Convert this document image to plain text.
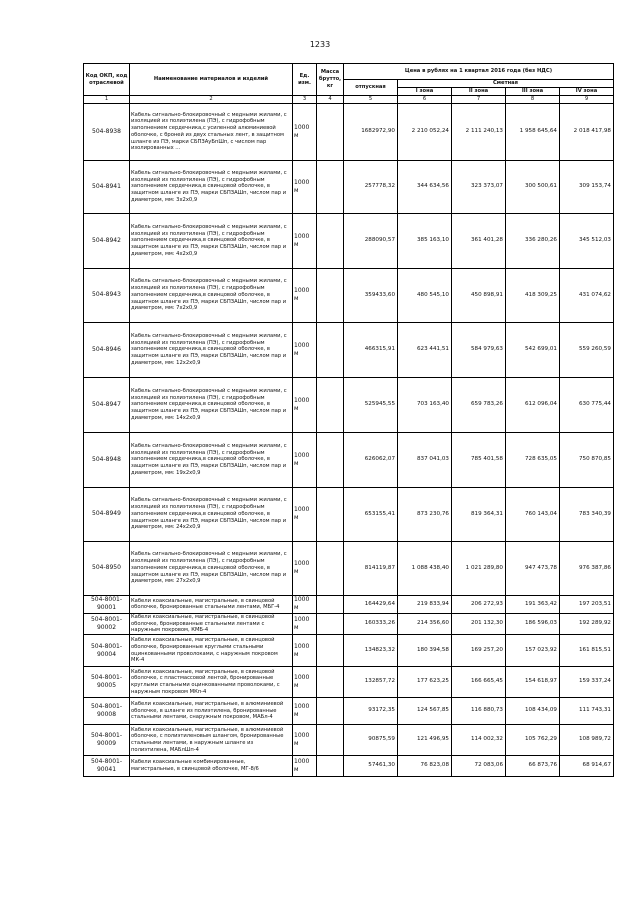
1233
Код ОКП, код отраслевой	Наименование материалов и изделий	Ед. изм.	Масса брутто, кг	Цена в рублях на 1 квартал 2016 года (без НДС)				
				отпускная	Сметная			
					I зона	II зона	III зона	IV зона
1	2	3	4	5	6	7	8	9
504-8938	Кабель сигнально-блокировочный с медными жилами, с изоляцией из полиэтилена (ПЭ), с гидрофобным заполнением сердечника,с усиленной алюминиевой оболочке, с броней из двух стальных лент, в защитном шланге из ПЭ, марки СБПЗАуБпШп, с числом пар изолированных ...	1000 м		1682972,90	2 210 052,24	2 111 240,13	1 958 645,64	2 018 417,98
504-8941	Кабель сигнально-блокировочный с медными жилами, с изоляцией из полиэтилена (ПЭ), с гидрофобным заполнением сердечника,в свинцовой оболочке, в защитном шланге из ПЭ, марки СБПЗАШп, числом пар и диаметром, мм: 3х2х0,9	1000 м		257778,32	344 634,56	323 373,07	300 500,61	309 153,74
504-8942	Кабель сигнально-блокировочный с медными жилами, с изоляцией из полиэтилена (ПЭ), с гидрофобным заполнением сердечника,в свинцовой оболочке, в защитном шланге из ПЭ, марки СБПЗАШп, числом пар и диаметром, мм: 4х2х0,9	1000 м		288090,57	385 163,10	361 401,28	336 280,26	345 512,03
504-8943	Кабель сигнально-блокировочный с медными жилами, с изоляцией из полиэтилена (ПЭ), с гидрофобным заполнением сердечника,в свинцовой оболочке, в защитном шланге из ПЭ, марки СБПЗАШп, числом пар и диаметром, мм: 7х2х0,9	1000 м		359433,60	480 545,10	450 898,91	418 309,25	431 074,62
504-8946	Кабель сигнально-блокировочный с медными жилами, с изоляцией из полиэтилена (ПЭ), с гидрофобным заполнением сердечника,в свинцовой оболочке, в защитном шланге из ПЭ, марки СБПЗАШп, числом пар и диаметром, мм: 12х2х0,9	1000 м		466315,91	623 441,51	584 979,63	542 699,01	559 260,59
504-8947	Кабель сигнально-блокировочный с медными жилами, с изоляцией из полиэтилена (ПЭ), с гидрофобным заполнением сердечника,в свинцовой оболочке, в защитном шланге из ПЭ, марки СБПЗАШп, числом пар и диаметром, мм: 14х2х0,9	1000 м		525945,55	703 163,40	659 783,26	612 096,04	630 775,44
504-8948	Кабель сигнально-блокировочный с медными жилами, с изоляцией из полиэтилена (ПЭ), с гидрофобным заполнением сердечника,в свинцовой оболочке, в защитном шланге из ПЭ, марки СБПЗАШп, числом пар и диаметром, мм: 19х2х0,9	1000 м		626062,07	837 041,03	785 401,58	728 635,05	750 870,85
504-8949	Кабель сигнально-блокировочный с медными жилами, с изоляцией из полиэтилена (ПЭ), с гидрофобным заполнением сердечника,в свинцовой оболочке, в защитном шланге из ПЭ, марки СБПЗАШп, числом пар и диаметром, мм: 24х2х0,9	1000 м		653155,41	873 230,76	819 364,31	760 143,04	783 340,39
504-8950	Кабель сигнально-блокировочный с медными жилами, с изоляцией из полиэтилена (ПЭ), с гидрофобным заполнением сердечника,в свинцовой оболочке, в защитном шланге из ПЭ, марки СБПЗАШп, числом пар и диаметром, мм: 27х2х0,9	1000 м		814119,87	1 088 438,40	1 021 289,80	947 473,78	976 387,86
504-8001-90001	Кабели коаксиальные, магистральные, в свинцовой оболочке, бронированные стальными лентами, МБГ-4	1000 м		164429,64	219 833,94	206 272,93	191 363,42	197 203,51
504-8001-90002	Кабели коаксиальные, магистральные, в свинцовой оболочке, бронированные стальными лентами с наружным покровом, КМБ-4	1000 м		160333,26	214 356,60	201 132,30	186 596,03	192 289,92
504-8001-90004	Кабели коаксиальные, магистральные, в свинцовой оболочке, бронированные круглыми стальными оцинкованными проволоками, с наружным покровом МК-4	1000 м		134823,32	180 394,58	169 257,20	157 023,92	161 815,51
504-8001-90005	Кабели коаксиальные, магистральные, в свинцовой оболочке, с пластмассовой лентой, бронированные круглыми стальными оцинкованными проволоками, с наружным покровом МКп-4	1000 м		132857,72	177 623,25	166 665,45	154 618,97	159 337,24
504-8001-90008	Кабели коаксиальные, магистральные, в алюминиевой оболочке, в шланге из полиэтилена, бронированные стальными лентами, снаружным покровом, МАБл-4	1000 м		93172,35	124 567,85	116 880,73	108 434,09	111 743,31
504-8001-90009	Кабели коаксиальные, магистральные, в алюминиевой оболочке, с полиэтиленовым шлангом, бронированные стальными лентами, в наружным шланге из полиэтилена, МАБлШп-4	1000 м		90875,59	121 496,95	114 002,32	105 762,29	108 989,72
504-8001-90041	Кабели коаксиальные комбинированные, магистральные, в свинцовой оболочке, МГ-8/6	1000 м		57461,30	76 823,08	72 083,06	66 873,76	68 914,67
